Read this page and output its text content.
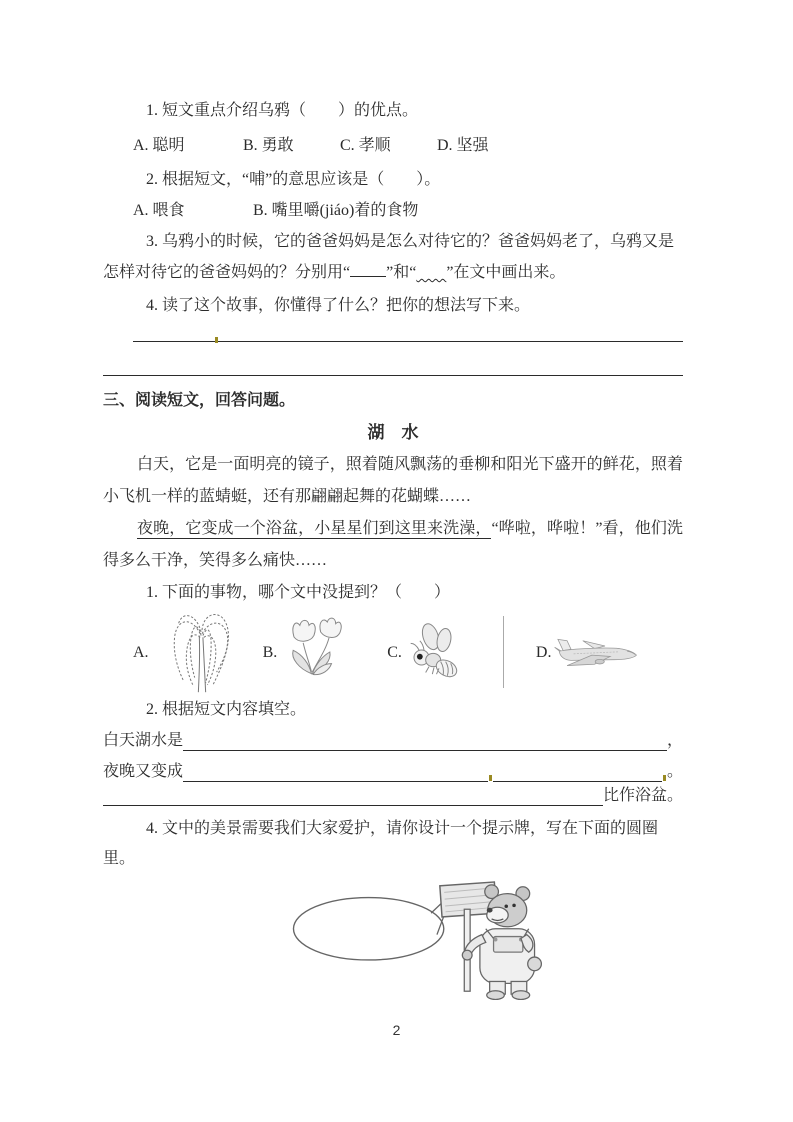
1. 短文重点介绍乌鸦（　　）的优点。

A. 聪明	B. 勇敢	C. 孝顺	D. 坚强

2. 根据短文，“哺”的意思应该是（　　）。

A. 喂食	B. 嘴里嚼(jiáo)着的食物

3. 乌鸦小的时候，它的爸爸妈妈是怎么对待它的？爸爸妈妈老了，乌鸦又是怎样对待它的爸爸妈妈的？分别用“ ”和“ ”在文中画出来。

4. 读了这个故事，你懂得了什么？把你的想法写下来。

三、阅读短文，回答问题。

湖　水

白天，它是一面明亮的镜子，照着随风飘荡的垂柳和阳光下盛开的鲜花，照着小飞机一样的蓝蜻蜓，还有那翩翩起舞的花蝴蝶……

夜晚，它变成一个浴盆，小星星们到这里来洗澡，“哗啦，哗啦！”看，他们洗得多么干净，笑得多么痛快……

1. 下面的事物，哪个文中没提到？（　　）

A.	B.	C.	D.

2. 根据短文内容填空。

白天湖水是	，
夜晚又变成	。
比作浴盆。

4. 文中的美景需要我们大家爱护，请你设计一个提示牌，写在下面的圆圈里。

2
